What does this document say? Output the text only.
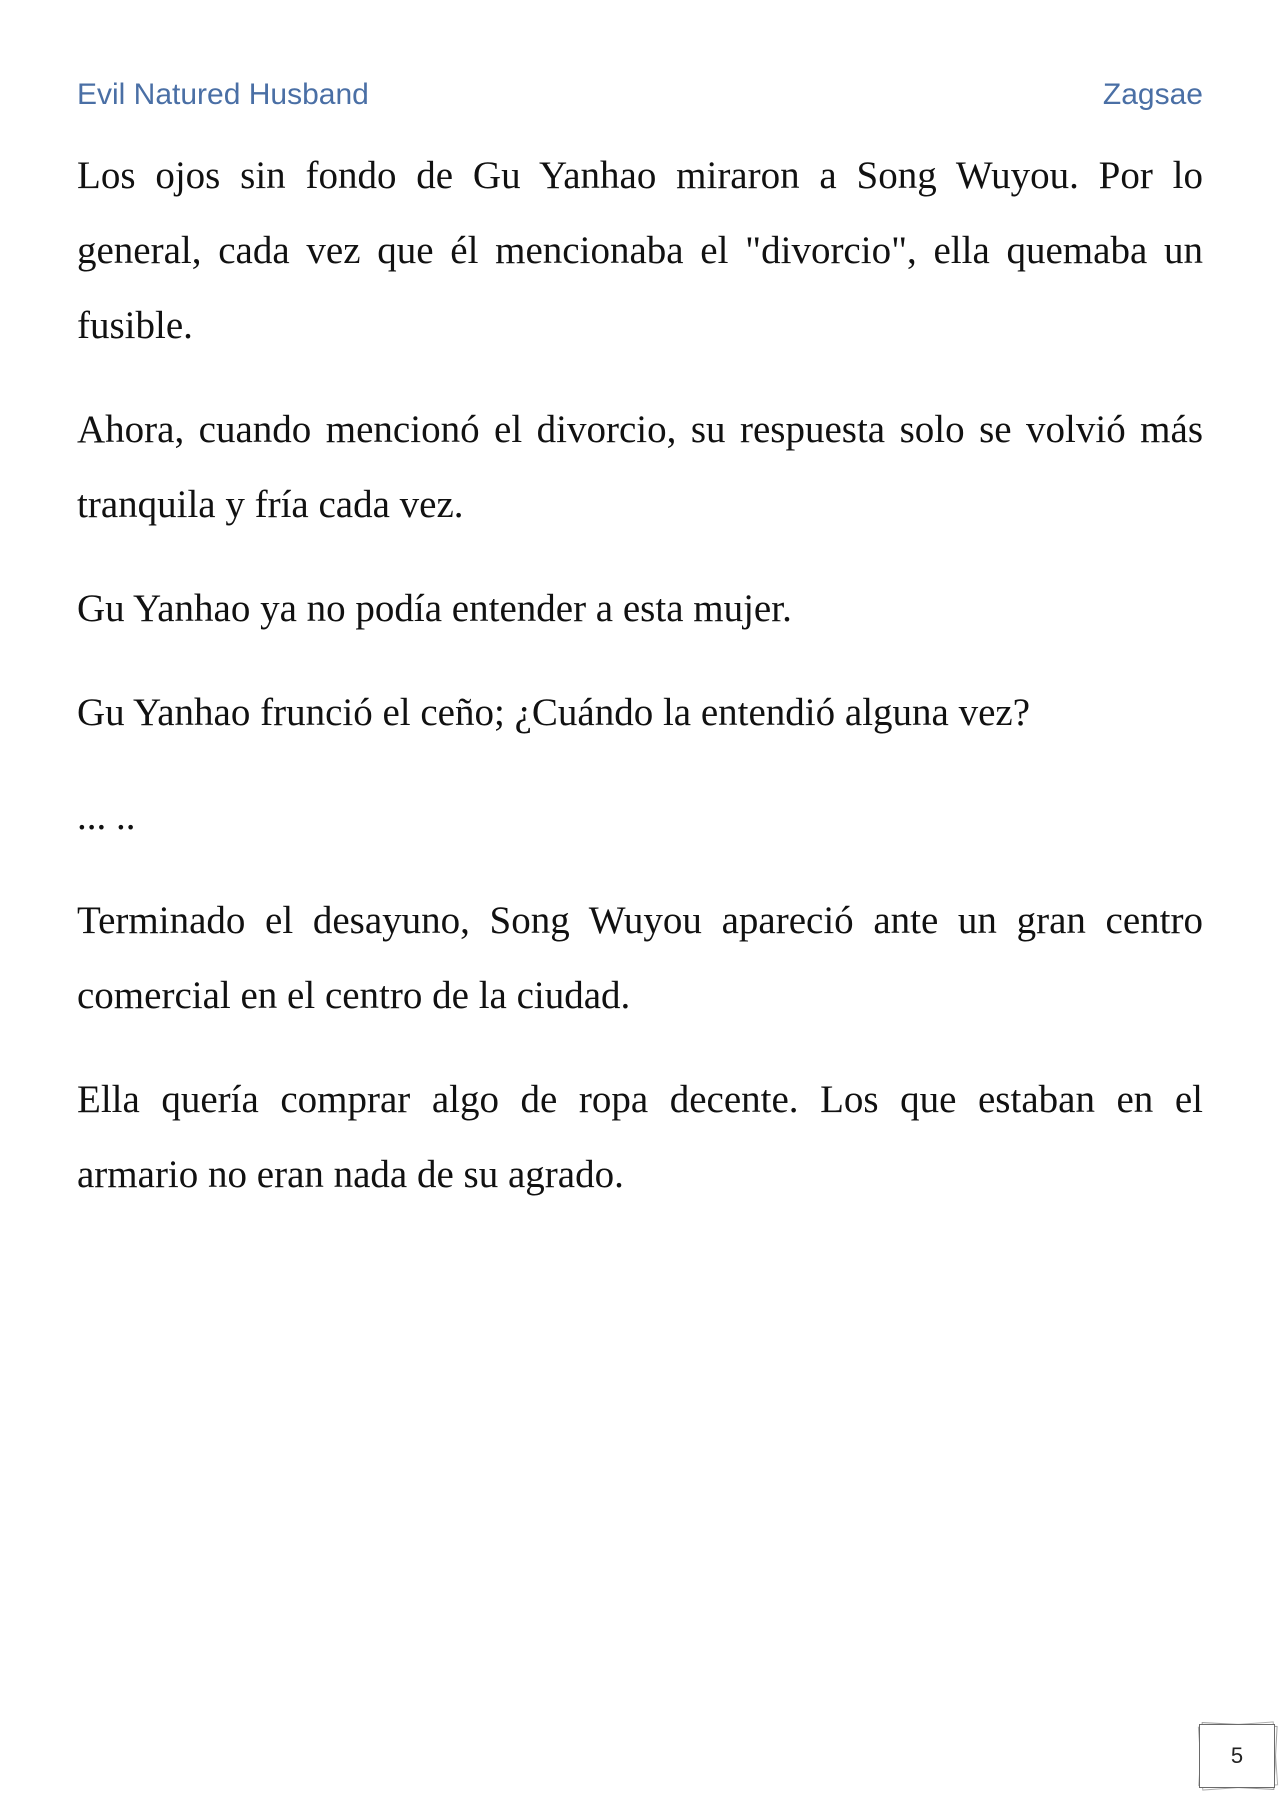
Evil Natured Husband	Zagsae

Los ojos sin fondo de Gu Yanhao miraron a Song Wuyou. Por lo general, cada vez que él mencionaba el "divorcio", ella quemaba un fusible.

Ahora, cuando mencionó el divorcio, su respuesta solo se volvió más tranquila y fría cada vez.

Gu Yanhao ya no podía entender a esta mujer.

Gu Yanhao frunció el ceño; ¿Cuándo la entendió alguna vez?

... ..

Terminado el desayuno, Song Wuyou apareció ante un gran centro comercial en el centro de la ciudad.

Ella quería comprar algo de ropa decente. Los que estaban en el armario no eran nada de su agrado.

5
